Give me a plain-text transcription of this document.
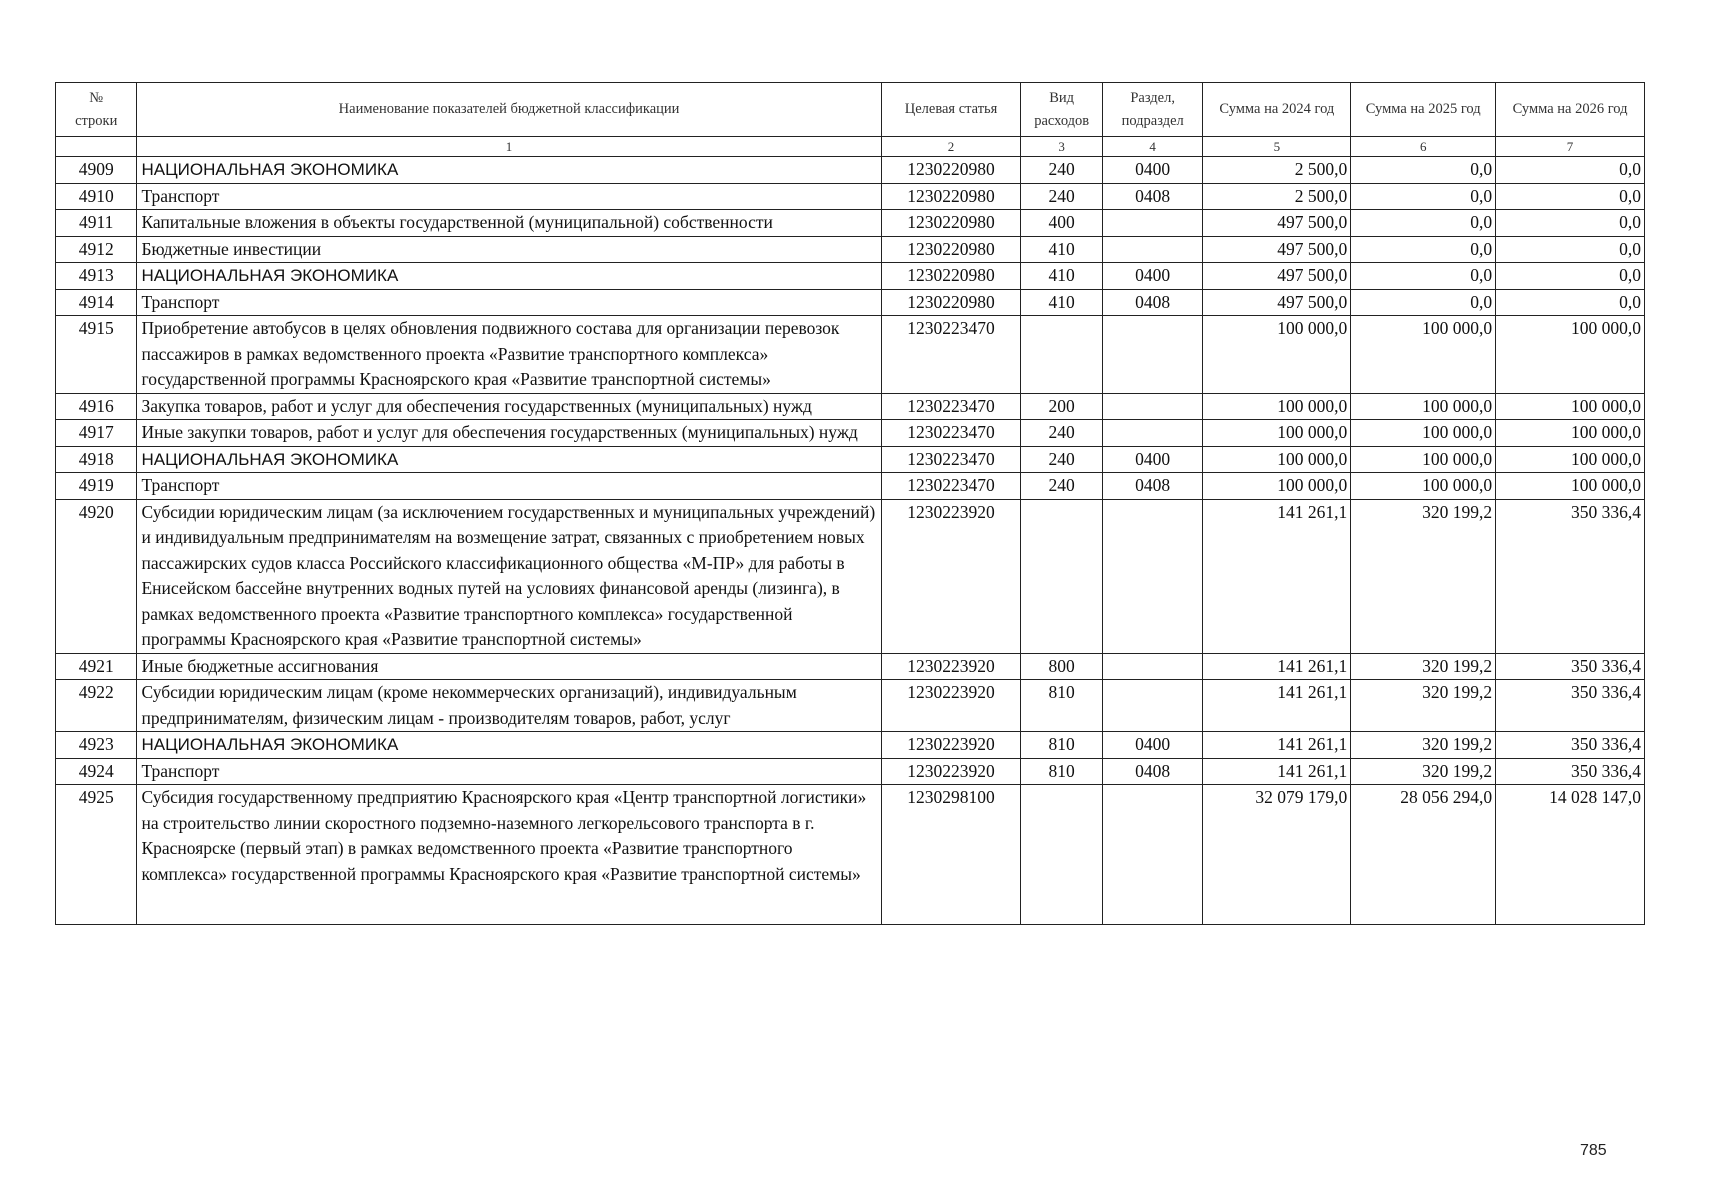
№
строки	Наименование показателей бюджетной классификации	Целевая статья	Вид расходов	Раздел, подраздел	Сумма на 2024 год	Сумма на 2025 год	Сумма на 2026 год
	1	2	3	4	5	6	7
4909	НАЦИОНАЛЬНАЯ ЭКОНОМИКА	1230220980	240	0400	2 500,0	0,0	0,0
4910	Транспорт	1230220980	240	0408	2 500,0	0,0	0,0
4911	Капитальные вложения в объекты государственной (муниципальной) собственности	1230220980	400		497 500,0	0,0	0,0
4912	Бюджетные инвестиции	1230220980	410		497 500,0	0,0	0,0
4913	НАЦИОНАЛЬНАЯ ЭКОНОМИКА	1230220980	410	0400	497 500,0	0,0	0,0
4914	Транспорт	1230220980	410	0408	497 500,0	0,0	0,0
4915	Приобретение автобусов в целях обновления подвижного состава для организации перевозок пассажиров в рамках ведомственного проекта «Развитие транспортного комплекса» государственной программы Красноярского края «Развитие транспортной системы»	1230223470			100 000,0	100 000,0	100 000,0
4916	Закупка товаров, работ и услуг для обеспечения государственных (муниципальных) нужд	1230223470	200		100 000,0	100 000,0	100 000,0
4917	Иные закупки товаров, работ и услуг для обеспечения государственных (муниципальных) нужд	1230223470	240		100 000,0	100 000,0	100 000,0
4918	НАЦИОНАЛЬНАЯ ЭКОНОМИКА	1230223470	240	0400	100 000,0	100 000,0	100 000,0
4919	Транспорт	1230223470	240	0408	100 000,0	100 000,0	100 000,0
4920	Субсидии юридическим лицам (за исключением государственных и муниципальных учреждений) и индивидуальным предпринимателям на возмещение затрат, связанных с приобретением новых пассажирских судов класса Российского классификационного общества «М-ПР» для работы в Енисейском бассейне внутренних водных путей на условиях финансовой аренды (лизинга), в рамках ведомственного проекта «Развитие транспортного комплекса» государственной программы Красноярского края «Развитие транспортной системы»	1230223920			141 261,1	320 199,2	350 336,4
4921	Иные бюджетные ассигнования	1230223920	800		141 261,1	320 199,2	350 336,4
4922	Субсидии юридическим лицам (кроме некоммерческих организаций), индивидуальным предпринимателям, физическим лицам - производителям товаров, работ, услуг	1230223920	810		141 261,1	320 199,2	350 336,4
4923	НАЦИОНАЛЬНАЯ ЭКОНОМИКА	1230223920	810	0400	141 261,1	320 199,2	350 336,4
4924	Транспорт	1230223920	810	0408	141 261,1	320 199,2	350 336,4
4925	Субсидия государственному предприятию Красноярского края «Центр транспортной логистики» на строительство линии скоростного подземно-наземного легкорельсового транспорта в г. Красноярске (первый этап) в рамках ведомственного проекта «Развитие транспортного комплекса» государственной программы Красноярского края «Развитие транспортной системы»	1230298100			32 079 179,0	28 056 294,0	14 028 147,0
785
